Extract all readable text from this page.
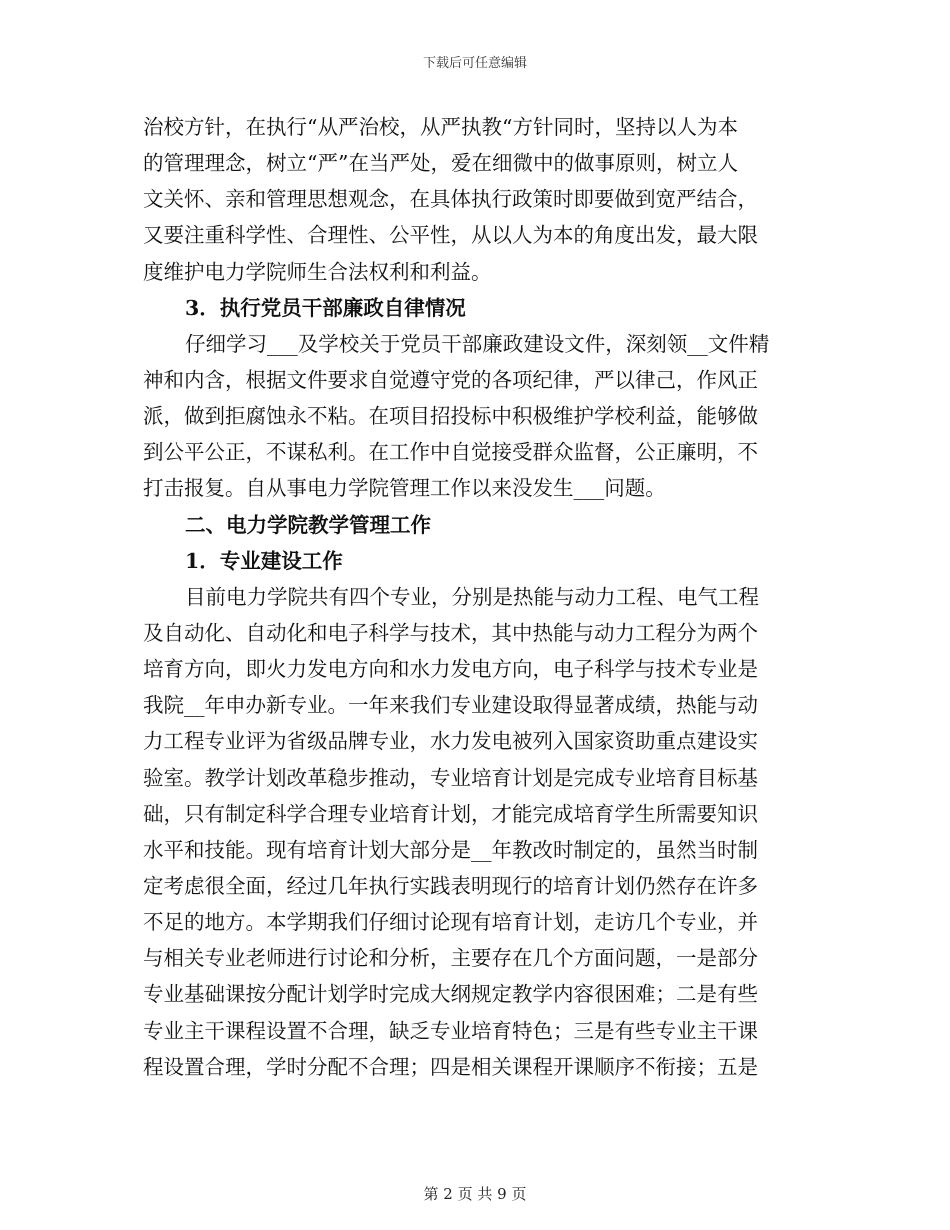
下载后可任意编辑
治校方针，在执行“从严治校，从严执教“方针同时，坚持以人为本
的管理理念，树立“严”在当严处，爱在细微中的做事原则，树立人
文关怀、亲和管理思想观念，在具体执行政策时即要做到宽严结合，
又要注重科学性、合理性、公平性，从以人为本的角度出发，最大限
度维护电力学院师生合法权利和利益。
3．执行党员干部廉政自律情况
仔细学习___及学校关于党员干部廉政建设文件，深刻领__文件精
神和内含，根据文件要求自觉遵守党的各项纪律，严以律己，作风正
派，做到拒腐蚀永不粘。在项目招投标中积极维护学校利益，能够做
到公平公正，不谋私利。在工作中自觉接受群众监督，公正廉明，不
打击报复。自从事电力学院管理工作以来没发生___问题。
二、电力学院教学管理工作
1．专业建设工作
目前电力学院共有四个专业，分别是热能与动力工程、电气工程
及自动化、自动化和电子科学与技术，其中热能与动力工程分为两个
培育方向，即火力发电方向和水力发电方向，电子科学与技术专业是
我院__年申办新专业。一年来我们专业建设取得显著成绩，热能与动
力工程专业评为省级品牌专业，水力发电被列入国家资助重点建设实
验室。教学计划改革稳步推动，专业培育计划是完成专业培育目标基
础，只有制定科学合理专业培育计划，才能完成培育学生所需要知识
水平和技能。现有培育计划大部分是__年教改时制定的，虽然当时制
定考虑很全面，经过几年执行实践表明现行的培育计划仍然存在许多
不足的地方。本学期我们仔细讨论现有培育计划，走访几个专业，并
与相关专业老师进行讨论和分析，主要存在几个方面问题，一是部分
专业基础课按分配计划学时完成大纲规定教学内容很困难；二是有些
专业主干课程设置不合理，缺乏专业培育特色；三是有些专业主干课
程设置合理，学时分配不合理；四是相关课程开课顺序不衔接；五是
第 2 页 共 9 页
